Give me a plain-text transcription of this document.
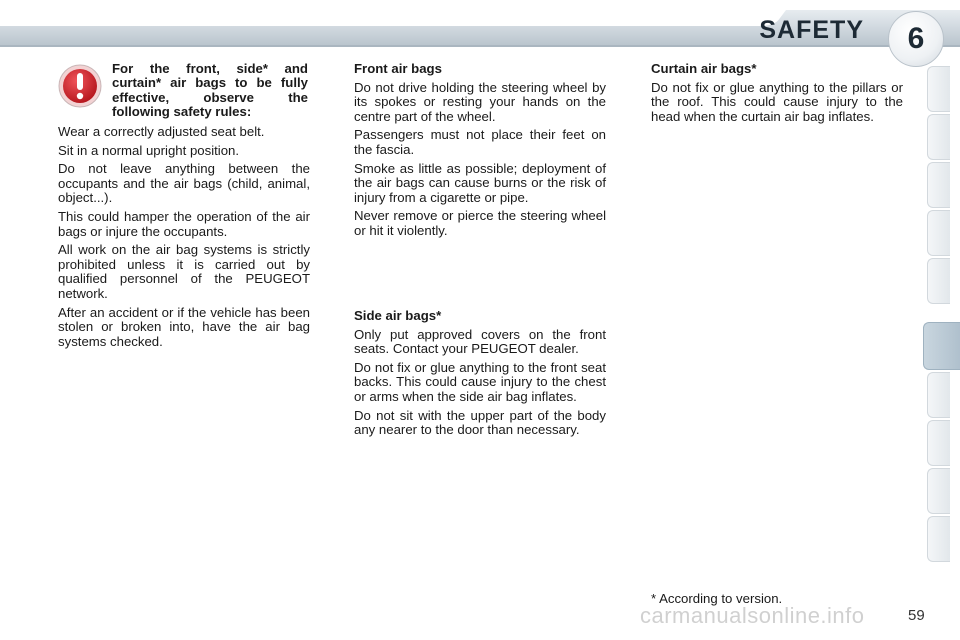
SAFETY	6
For the front, side* and curtain* air bags to be fully effective, observe the following safety rules:

Wear a correctly adjusted seat belt.

Sit in a normal upright position.

Do not leave anything between the occupants and the air bags (child, animal, object...).

This could hamper the operation of the air bags or injure the occupants.

All work on the air bag systems is strictly prohibited unless it is carried out by qualified personnel of the PEUGEOT network.

After an accident or if the vehicle has been stolen or broken into, have the air bag systems checked.

Front air bags

Do not drive holding the steering wheel by its spokes or resting your hands on the centre part of the wheel.

Passengers must not place their feet on the fascia.

Smoke as little as possible; deployment of the air bags can cause burns or the risk of injury from a cigarette or pipe.

Never remove or pierce the steering wheel or hit it violently.

Side air bags*

Only put approved covers on the front seats. Contact your PEUGEOT dealer.

Do not fix or glue anything to the front seat backs. This could cause injury to the chest or arms when the side air bag inflates.

Do not sit with the upper part of the body any nearer to the door than necessary.

Curtain air bags*

Do not fix or glue anything to the pillars or the roof. This could cause injury to the head when the curtain air bag inflates.

* According to version.
carmanualsonline.info	59
